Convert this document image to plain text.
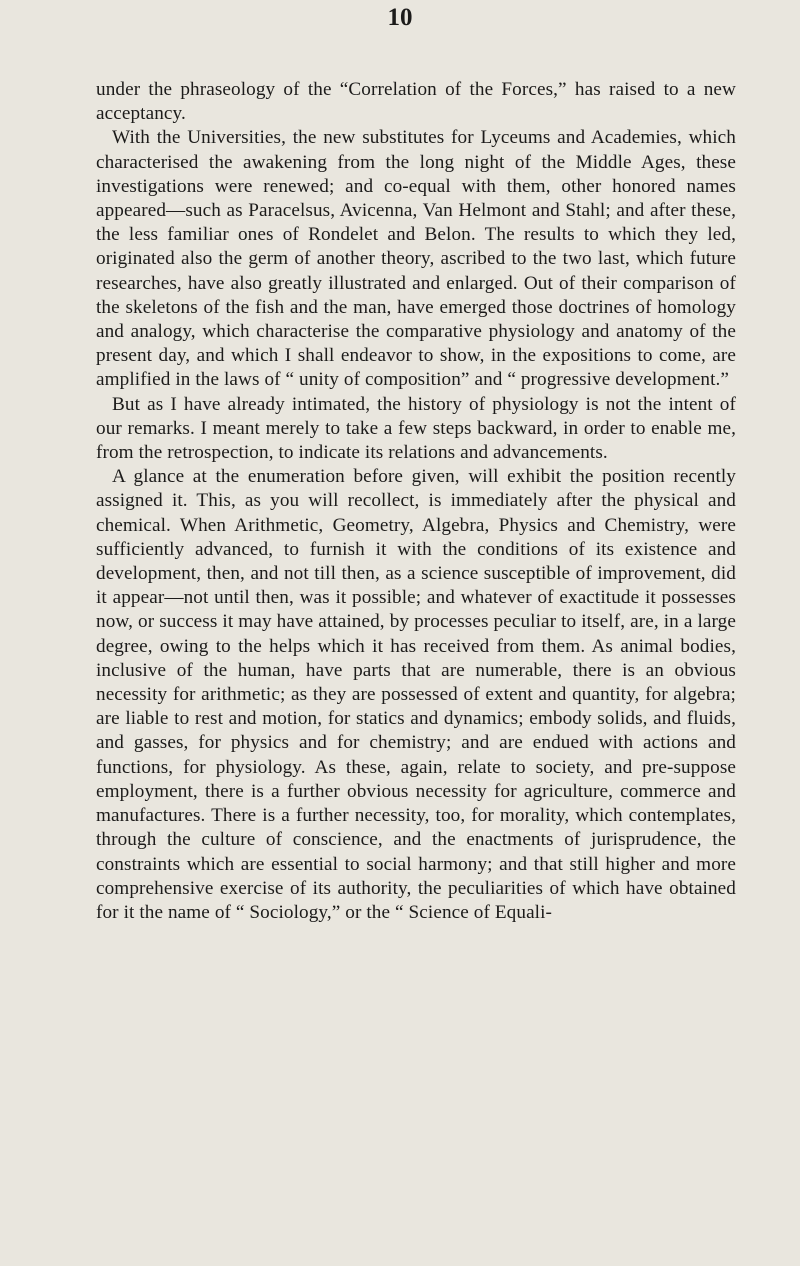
10

under the phraseology of the “Correlation of the Forces,” has raised to a new acceptancy.

With the Universities, the new substitutes for Lyceums and Academies, which characterised the awakening from the long night of the Middle Ages, these investigations were renewed; and co-equal with them, other honored names appeared—such as Paracelsus, Avicenna, Van Helmont and Stahl; and after these, the less familiar ones of Rondelet and Belon. The results to which they led, originated also the germ of another theory, ascribed to the two last, which future researches, have also greatly illustrated and enlarged. Out of their comparison of the skeletons of the fish and the man, have emerged those doctrines of homology and analogy, which characterise the comparative physiology and anatomy of the present day, and which I shall endeavor to show, in the expositions to come, are amplified in the laws of “ unity of composition” and “ progressive development.”

But as I have already intimated, the history of physiology is not the intent of our remarks. I meant merely to take a few steps backward, in order to enable me, from the retrospection, to indicate its relations and advancements.

A glance at the enumeration before given, will exhibit the position recently assigned it. This, as you will recollect, is immediately after the physical and chemical. When Arithmetic, Geometry, Algebra, Physics and Chemistry, were sufficiently advanced, to furnish it with the conditions of its existence and development, then, and not till then, as a science susceptible of improvement, did it appear—not until then, was it possible; and whatever of exactitude it possesses now, or success it may have attained, by processes peculiar to itself, are, in a large degree, owing to the helps which it has received from them. As animal bodies, inclusive of the human, have parts that are numerable, there is an obvious necessity for arithmetic; as they are possessed of extent and quantity, for algebra; are liable to rest and motion, for statics and dynamics; embody solids, and fluids, and gasses, for physics and for chemistry; and are endued with actions and functions, for physiology. As these, again, relate to society, and pre-suppose employment, there is a further obvious necessity for agriculture, commerce and manufactures. There is a further necessity, too, for morality, which contemplates, through the culture of conscience, and the enactments of jurisprudence, the constraints which are essential to social harmony; and that still higher and more comprehensive exercise of its authority, the peculiarities of which have obtained for it the name of “ Sociology,” or the “ Science of Equali-
